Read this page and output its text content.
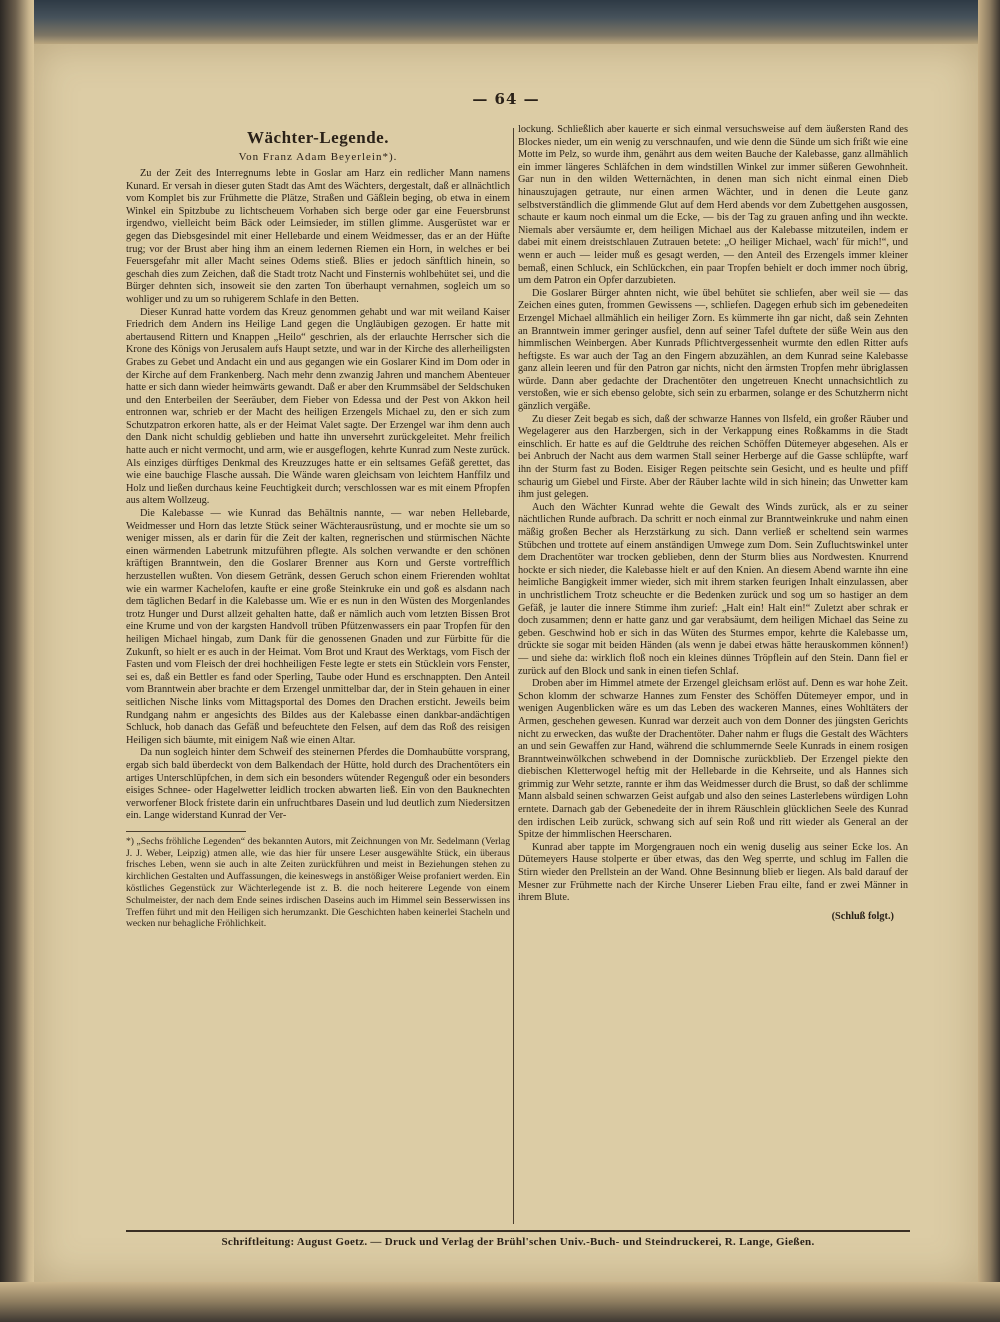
— 64 —
Wächter-Legende.
Von Franz Adam Beyerlein*).

Zu der Zeit des Interregnums lebte in Goslar am Harz ein redlicher Mann namens Kunard. Er versah in dieser guten Stadt das Amt des Wächters, dergestalt, daß er allnächtlich vom Komplet bis zur Frühmette die Plätze, Straßen und Gäßlein beging, ob etwa in einem Winkel ein Spitzbube zu lichtscheuem Vorhaben sich berge oder gar eine Feuersbrunst irgendwo, vielleicht beim Bäck oder Leimsieder, im stillen glimme. Ausgerüstet war er gegen das Diebsgesindel mit einer Hellebarde und einem Weidmesser, das er an der Hüfte trug; vor der Brust aber hing ihm an einem ledernen Riemen ein Horn, in welches er bei Feuersgefahr mit aller Macht seines Odems stieß. Blies er jedoch sänftlich hinein, so geschah dies zum Zeichen, daß die Stadt trotz Nacht und Finsternis wohlbehütet sei, und die Bürger dehnten sich, insoweit sie den zarten Ton überhaupt vernahmen, sogleich um so wohliger und zu um so ruhigerem Schlafe in den Betten.

Dieser Kunrad hatte vordem das Kreuz genommen gehabt und war mit weiland Kaiser Friedrich dem Andern ins Heilige Land gegen die Ungläubigen gezogen. Er hatte mit abertausend Rittern und Knappen „Heilo“ geschrien, als der erlauchte Herrscher sich die Krone des Königs von Jerusalem aufs Haupt setzte, und war in der Kirche des allerheiligsten Grabes zu Gebet und Andacht ein und aus gegangen wie ein Goslarer Kind im Dom oder in der Kirche auf dem Frankenberg. Nach mehr denn zwanzig Jahren und manchem Abenteuer hatte er sich dann wieder heimwärts gewandt. Daß er aber den Krummsäbel der Seldschuken und den Enterbeilen der Seeräuber, dem Fieber von Edessa und der Pest von Akkon heil entronnen war, schrieb er der Macht des heiligen Erzengels Michael zu, den er sich zum Schutzpatron erkoren hatte, als er der Heimat Valet sagte. Der Erzengel war ihm denn auch den Dank nicht schuldig geblieben und hatte ihn unversehrt zurückgeleitet. Mehr freilich hatte auch er nicht vermocht, und arm, wie er ausgeflogen, kehrte Kunrad zum Neste zurück. Als einziges dürftiges Denkmal des Kreuzzuges hatte er ein seltsames Gefäß gerettet, das wie eine bauchige Flasche aussah. Die Wände waren gleichsam von leichtem Hanffilz und Holz und ließen durchaus keine Feuchtigkeit durch; verschlossen war es mit einem Pfropfen aus altem Wollzeug.

Die Kalebasse — wie Kunrad das Behältnis nannte, — war neben Hellebarde, Weidmesser und Horn das letzte Stück seiner Wächterausrüstung, und er mochte sie um so weniger missen, als er darin für die Zeit der kalten, regnerischen und stürmischen Nächte einen wärmenden Labetrunk mitzuführen pflegte. Als solchen verwandte er den schönen kräftigen Branntwein, den die Goslarer Brenner aus Korn und Gerste vortrefflich herzustellen wußten. Von diesem Getränk, dessen Geruch schon einem Frierenden wohltat wie ein warmer Kachelofen, kaufte er eine große Steinkruke ein und goß es alsdann nach dem täglichen Bedarf in die Kalebasse um. Wie er es nun in den Wüsten des Morgenlandes trotz Hunger und Durst allzeit gehalten hatte, daß er nämlich auch vom letzten Bissen Brot eine Krume und von der kargsten Handvoll trüben Pfützenwassers ein paar Tropfen für den heiligen Michael hingab, zum Dank für die genossenen Gnaden und zur Fürbitte für die Zukunft, so hielt er es auch in der Heimat. Vom Brot und Kraut des Werktags, vom Fisch der Fasten und vom Fleisch der drei hochheiligen Feste legte er stets ein Stücklein vors Fenster, sei es, daß ein Bettler es fand oder Sperling, Taube oder Hund es erschnappten. Den Anteil vom Branntwein aber brachte er dem Erzengel unmittelbar dar, der in Stein gehauen in einer seitlichen Nische links vom Mittagsportal des Domes den Drachen ersticht. Jeweils beim Rundgang nahm er angesichts des Bildes aus der Kalebasse einen dankbar-andächtigen Schluck, hob danach das Gefäß und befeuchtete den Felsen, auf dem das Roß des reisigen Heiligen sich bäumte, mit einigem Naß wie einen Altar.

Da nun sogleich hinter dem Schweif des steinernen Pferdes die Domhaubütte vorsprang, ergab sich bald überdeckt von dem Balkendach der Hütte, hold durch des Drachentöters ein artiges Unterschlüpfchen, in dem sich ein besonders wütender Regenguß oder ein besonders eisiges Schnee- oder Hagelwetter leidlich trocken abwarten ließ. Ein von den Bauknechten verworfener Block fristete darin ein unfruchtbares Dasein und lud deutlich zum Niedersitzen ein. Lange widerstand Kunrad der Ver-

*) „Sechs fröhliche Legenden“ des bekannten Autors, mit Zeichnungen von Mr. Sedelmann (Verlag J. J. Weber, Leipzig) atmen alle, wie das hier für unsere Leser ausgewählte Stück, ein überaus frisches Leben, wenn sie auch in alte Zeiten zurückführen und meist in Beziehungen stehen zu kirchlichen Gestalten und Auffassungen, die keineswegs in anstößiger Weise profaniert werden. Ein köstliches Gegenstück zur Wächterlegende ist z. B. die noch heiterere Legende von einem Schulmeister, der nach dem Ende seines irdischen Daseins auch im Himmel sein Besserwissen ins Treffen führt und mit den Heiligen sich herumzankt. Die Geschichten haben keinerlei Stacheln und wecken nur behagliche Fröhlichkeit.

lockung. Schließlich aber kauerte er sich einmal versuchsweise auf dem äußersten Rand des Blockes nieder, um ein wenig zu verschnaufen, und wie denn die Sünde um sich frißt wie eine Motte im Pelz, so wurde ihm, genährt aus dem weiten Bauche der Kalebasse, ganz allmählich ein immer längeres Schläfchen in dem windstillen Winkel zur immer süßeren Gewohnheit. Gar nun in den wilden Wetternächten, in denen man sich nicht einmal einen Dieb hinauszujagen getraute, nur einen armen Wächter, und in denen die Leute ganz selbstverständlich die glimmende Glut auf dem Herd abends vor dem Zubettgehen ausgossen, schaute er kaum noch einmal um die Ecke, — bis der Tag zu grauen anfing und ihn weckte. Niemals aber versäumte er, dem heiligen Michael aus der Kalebasse mitzuteilen, indem er dabei mit einem dreistschlauen Zutrauen betete: „O heiliger Michael, wach' für mich!“, und wenn er auch — leider muß es gesagt werden, — den Anteil des Erzengels immer kleiner bemaß, einen Schluck, ein Schlückchen, ein paar Tropfen behielt er doch immer noch übrig, um dem Patron ein Opfer darzubieten.

Die Goslarer Bürger ahnten nicht, wie übel behütet sie schliefen, aber weil sie — das Zeichen eines guten, frommen Gewissens —, schliefen. Dagegen erhub sich im gebenedeiten Erzengel Michael allmählich ein heiliger Zorn. Es kümmerte ihn gar nicht, daß sein Zehnten an Branntwein immer geringer ausfiel, denn auf seiner Tafel duftete der süße Wein aus den himmlischen Weinbergen. Aber Kunrads Pflichtvergessenheit wurmte den edlen Ritter aufs heftigste. Es war auch der Tag an den Fingern abzuzählen, an dem Kunrad seine Kalebasse ganz allein leeren und für den Patron gar nichts, nicht den ärmsten Tropfen mehr übriglassen würde. Dann aber gedachte der Drachentöter den ungetreuen Knecht unnachsichtlich zu verstoßen, wie er sich ebenso gelobte, sich sein zu erbarmen, solange er des Schutzherrn nicht gänzlich vergäße.

Zu dieser Zeit begab es sich, daß der schwarze Hannes von Ilsfeld, ein großer Räuber und Wegelagerer aus den Harzbergen, sich in der Verkappung eines Roßkamms in die Stadt einschlich. Er hatte es auf die Geldtruhe des reichen Schöffen Dütemeyer abgesehen. Als er bei Anbruch der Nacht aus dem warmen Stall seiner Herberge auf die Gasse schlüpfte, warf ihn der Sturm fast zu Boden. Eisiger Regen peitschte sein Gesicht, und es heulte und pfiff schaurig um Giebel und Firste. Aber der Räuber lachte wild in sich hinein; das Unwetter kam ihm just gelegen.

Auch den Wächter Kunrad wehte die Gewalt des Winds zurück, als er zu seiner nächtlichen Runde aufbrach. Da schritt er noch einmal zur Branntweinkruke und nahm einen mäßig großen Becher als Herzstärkung zu sich. Dann verließ er scheltend sein warmes Stübchen und trottete auf einem anständigen Umwege zum Dom. Sein Zufluchtswinkel unter dem Drachentöter war trocken geblieben, denn der Sturm blies aus Nordwesten. Knurrend hockte er sich nieder, die Kalebasse hielt er auf den Knien. An diesem Abend warnte ihn eine heimliche Bangigkeit immer wieder, sich mit ihrem starken feurigen Inhalt einzulassen, aber in unchristlichem Trotz scheuchte er die Bedenken zurück und sog um so hastiger an dem Gefäß, je lauter die innere Stimme ihm zurief: „Halt ein! Halt ein!“ Zuletzt aber schrak er doch zusammen; denn er hatte ganz und gar verabsäumt, dem heiligen Michael das Seine zu geben. Geschwind hob er sich in das Wüten des Sturmes empor, kehrte die Kalebasse um, drückte sie sogar mit beiden Händen (als wenn je dabei etwas hätte herauskommen können!) — und siehe da: wirklich floß noch ein kleines dünnes Tröpflein auf den Stein. Dann fiel er zurück auf den Block und sank in einen tiefen Schlaf.

Droben aber im Himmel atmete der Erzengel gleichsam erlöst auf. Denn es war hohe Zeit. Schon klomm der schwarze Hannes zum Fenster des Schöffen Dütemeyer empor, und in wenigen Augenblicken wäre es um das Leben des wackeren Mannes, eines Wohltäters der Armen, geschehen gewesen. Kunrad war derzeit auch von dem Donner des jüngsten Gerichts nicht zu erwecken, das wußte der Drachentöter. Daher nahm er flugs die Gestalt des Wächters an und sein Gewaffen zur Hand, während die schlummernde Seele Kunrads in einem rosigen Branntweinwölkchen schwebend in der Domnische zurückblieb. Der Erzengel piekte den diebischen Kletterwogel heftig mit der Hellebarde in die Kehrseite, und als Hannes sich grimmig zur Wehr setzte, rannte er ihm das Weidmesser durch die Brust, so daß der schlimme Mann alsbald seinen schwarzen Geist aufgab und also den seines Lasterlebens würdigen Lohn erntete. Darnach gab der Gebenedeite der in ihrem Räuschlein glücklichen Seele des Kunrad den irdischen Leib zurück, schwang sich auf sein Roß und ritt wieder als General an der Spitze der himmlischen Heerscharen.

Kunrad aber tappte im Morgengrauen noch ein wenig duselig aus seiner Ecke los. An Dütemeyers Hause stolperte er über etwas, das den Weg sperrte, und schlug im Fallen die Stirn wieder den Prellstein an der Wand. Ohne Besinnung blieb er liegen. Als bald darauf der Mesner zur Frühmette nach der Kirche Unserer Lieben Frau eilte, fand er zwei Männer in ihrem Blute.

(Schluß folgt.)

Schriftleitung: August Goetz. — Druck und Verlag der Brühl'schen Univ.-Buch- und Steindruckerei, R. Lange, Gießen.
